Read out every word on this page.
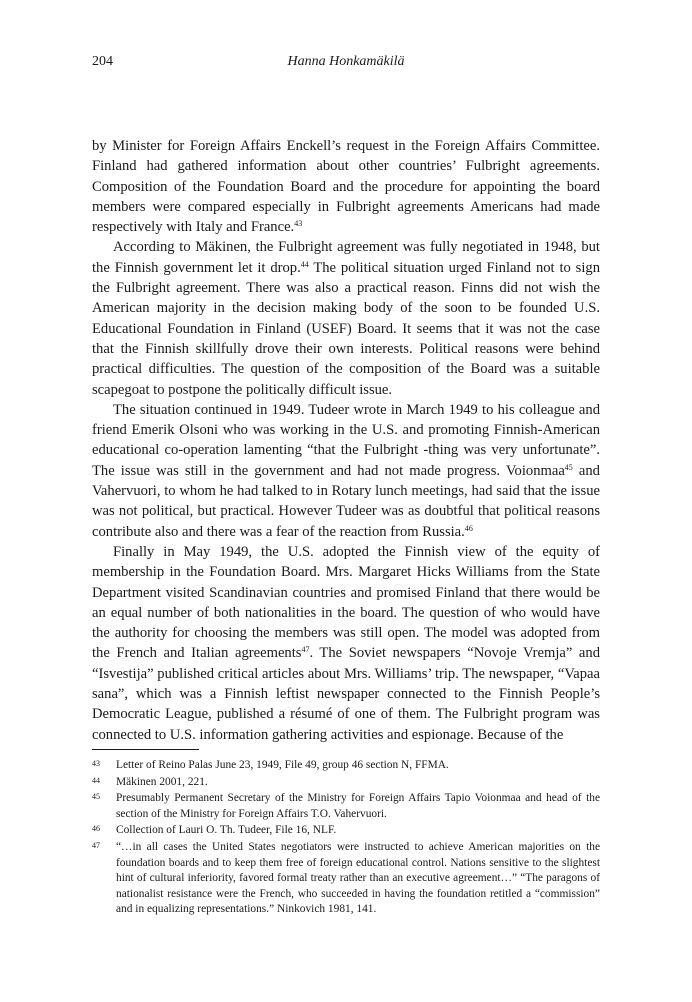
204	Hanna Honkamäkilä

by Minister for Foreign Affairs Enckell’s request in the Foreign Affairs Committee. Finland had gathered information about other countries’ Fulbright agreements. Composition of the Foundation Board and the procedure for appointing the board members were compared especially in Fulbright agreements Americans had made respectively with Italy and France.$^{43}$

According to Mäkinen, the Fulbright agreement was fully negotiated in 1948, but the Finnish government let it drop.$^{44}$ The political situation urged Finland not to sign the Fulbright agreement. There was also a practical reason. Finns did not wish the American majority in the decision making body of the soon to be founded U.S. Educational Foundation in Finland (USEF) Board. It seems that it was not the case that the Finnish skillfully drove their own interests. Political reasons were behind practical difficulties. The question of the composition of the Board was a suitable scapegoat to postpone the politically difficult issue.

The situation continued in 1949. Tudeer wrote in March 1949 to his colleague and friend Emerik Olsoni who was working in the U.S. and promoting Finnish-American educational co-operation lamenting “that the Fulbright -thing was very unfortunate”. The issue was still in the government and had not made progress. Voionmaa$^{45}$ and Vahervuori, to whom he had talked to in Rotary lunch meetings, had said that the issue was not political, but practical. However Tudeer was as doubtful that political reasons contribute also and there was a fear of the reaction from Russia.$^{46}$

Finally in May 1949, the U.S. adopted the Finnish view of the equity of membership in the Foundation Board. Mrs. Margaret Hicks Williams from the State Department visited Scandinavian countries and promised Finland that there would be an equal number of both nationalities in the board. The question of who would have the authority for choosing the members was still open. The model was adopted from the French and Italian agreements$^{47}$. The Soviet newspapers “Novoje Vremja” and “Isvestija” published critical articles about Mrs. Williams’ trip. The newspaper, “Vapaa sana”, which was a Finnish leftist newspaper connected to the Finnish People’s Democratic League, published a résumé of one of them. The Fulbright program was connected to U.S. information gathering activities and espionage. Because of the

43	Letter of Reino Palas June 23, 1949, File 49, group 46 section N, FFMA.
44	Mäkinen 2001, 221.
45	Presumably Permanent Secretary of the Ministry for Foreign Affairs Tapio Voionmaa and head of the section of the Ministry for Foreign Affairs T.O. Vahervuori.
46	Collection of Lauri O. Th. Tudeer, File 16, NLF.
47	“…in all cases the United States negotiators were instructed to achieve American majorities on the foundation boards and to keep them free of foreign educational control. Nations sensitive to the slightest hint of cultural inferiority, favored formal treaty rather than an executive agreement…” “The paragons of nationalist resistance were the French, who succeeded in having the foundation retitled a “commission” and in equalizing representations.” Ninkovich 1981, 141.
